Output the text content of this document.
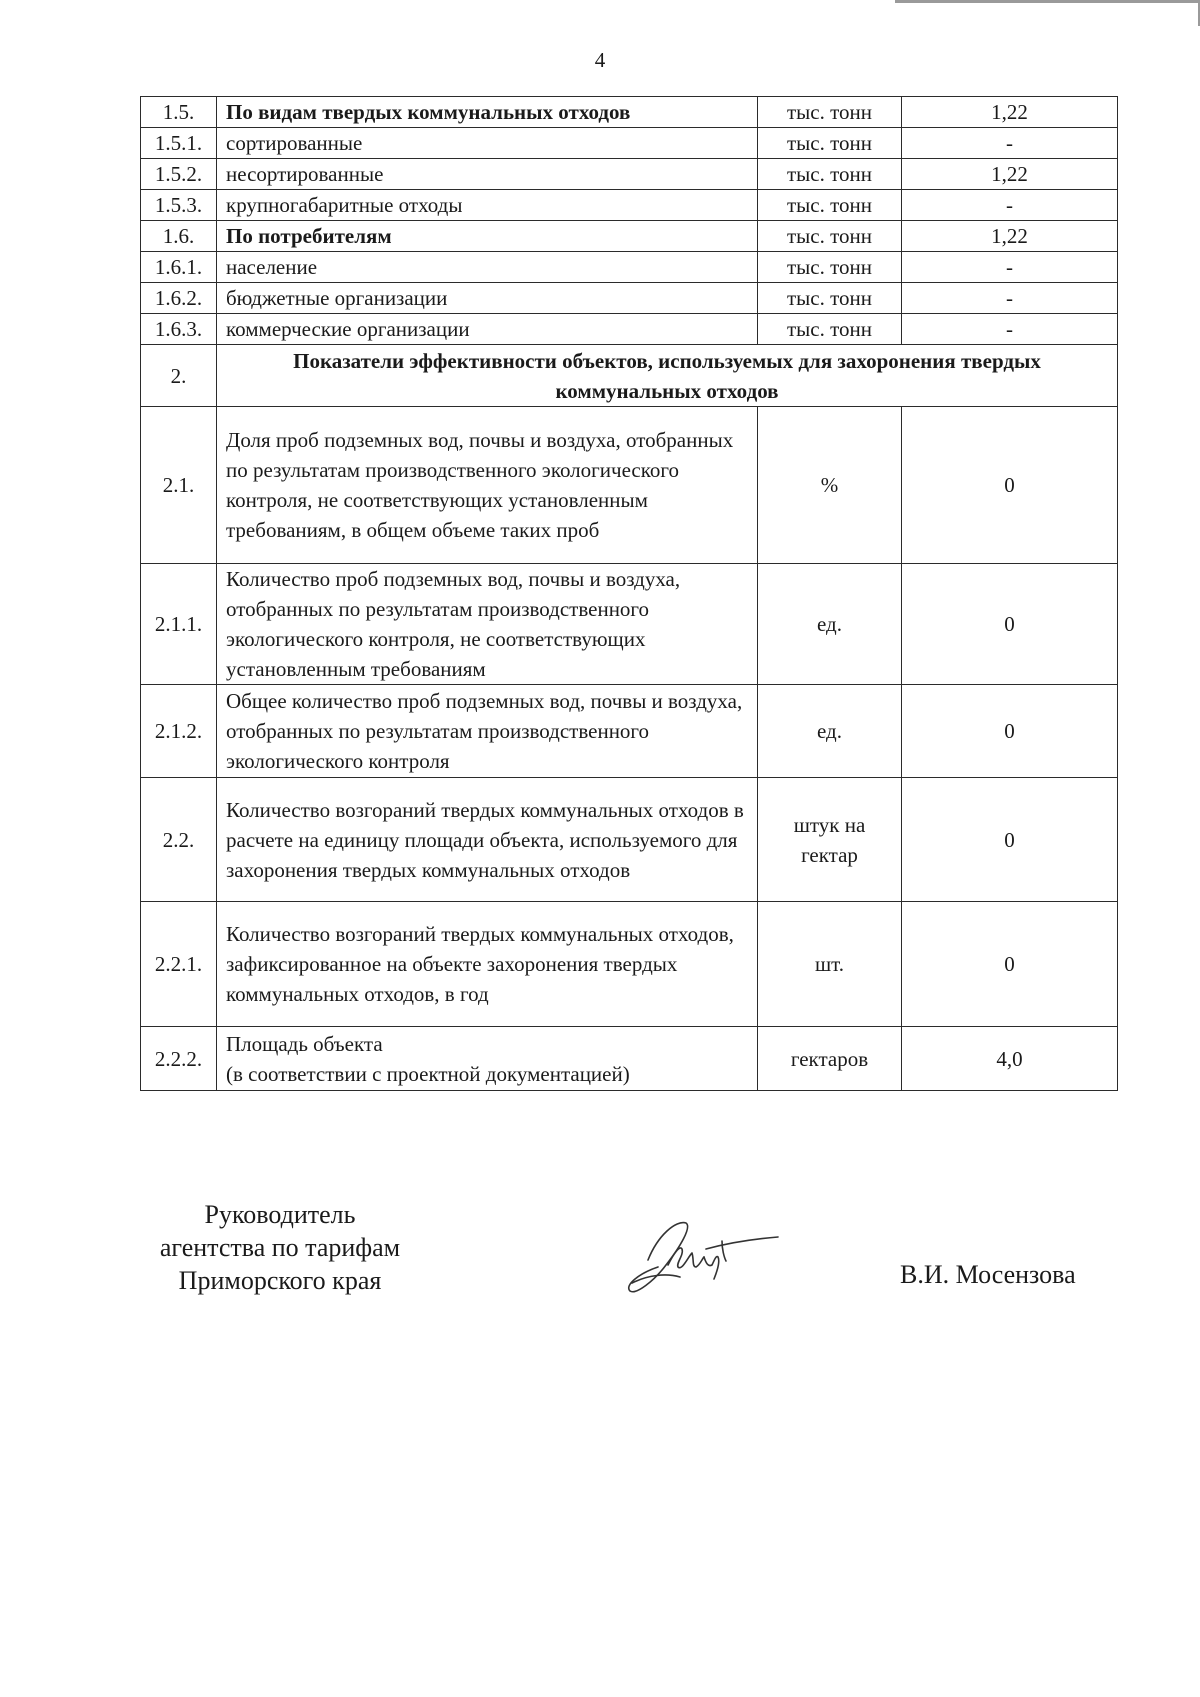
4
1.5.	По видам твердых коммунальных отходов	тыс. тонн	1,22
1.5.1.	сортированные	тыс. тонн	-
1.5.2.	несортированные	тыс. тонн	1,22
1.5.3.	крупногабаритные отходы	тыс. тонн	-
1.6.	По потребителям	тыс. тонн	1,22
1.6.1.	население	тыс. тонн	-
1.6.2.	бюджетные организации	тыс. тонн	-
1.6.3.	коммерческие организации	тыс. тонн	-
2.	Показатели эффективности объектов, используемых для захоронения твердых коммунальных отходов		
2.1.	Доля проб подземных вод, почвы и воздуха, отобранных по результатам производственного экологического контроля, не соответствующих установленным требованиям, в общем объеме таких проб	%	0
2.1.1.	Количество проб подземных вод, почвы и воздуха, отобранных по результатам производственного экологического контроля, не соответствующих установленным требованиям	ед.	0
2.1.2.	Общее количество проб подземных вод, почвы и воздуха, отобранных по результатам производственного экологического контроля	ед.	0
2.2.	Количество возгораний твердых коммунальных отходов в расчете на единицу площади объекта, используемого для захоронения твердых коммунальных отходов	штук на гектар	0
2.2.1.	Количество возгораний твердых коммунальных отходов, зафиксированное на объекте захоронения твердых коммунальных отходов, в год	шт.	0
2.2.2.	Площадь объекта
(в соответствии с проектной документацией)	гектаров	4,0
Руководитель
агентства по тарифам
Приморского края	В.И. Мосензова
